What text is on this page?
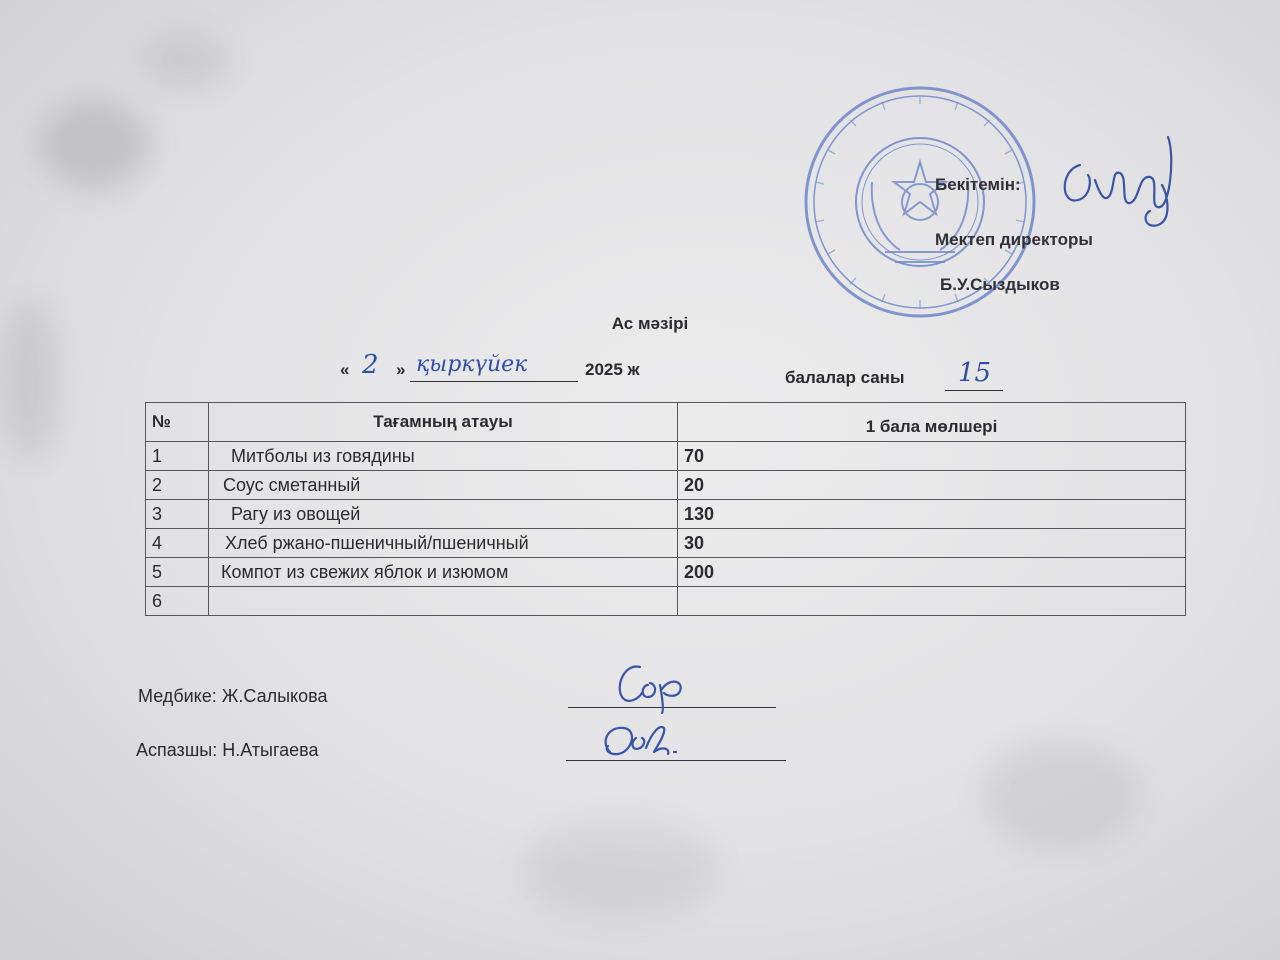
Бекітемін:
Мектеп директоры
Б.У.Сыздыков
Ас мәзірі
« 2 » қыркүйек	2025 ж	балалар саны 15
№	Тағамның атауы	1 бала мөлшері
1	Митболы из говядины	70
2	Соус сметанный	20
3	Рагу из овощей	130
4	Хлеб ржано-пшеничный/пшеничный	30
5	Компот из свежих яблок и изюмом	200
6		
Медбике: Ж.Салыкова
Аспазшы: Н.Атыгаева
